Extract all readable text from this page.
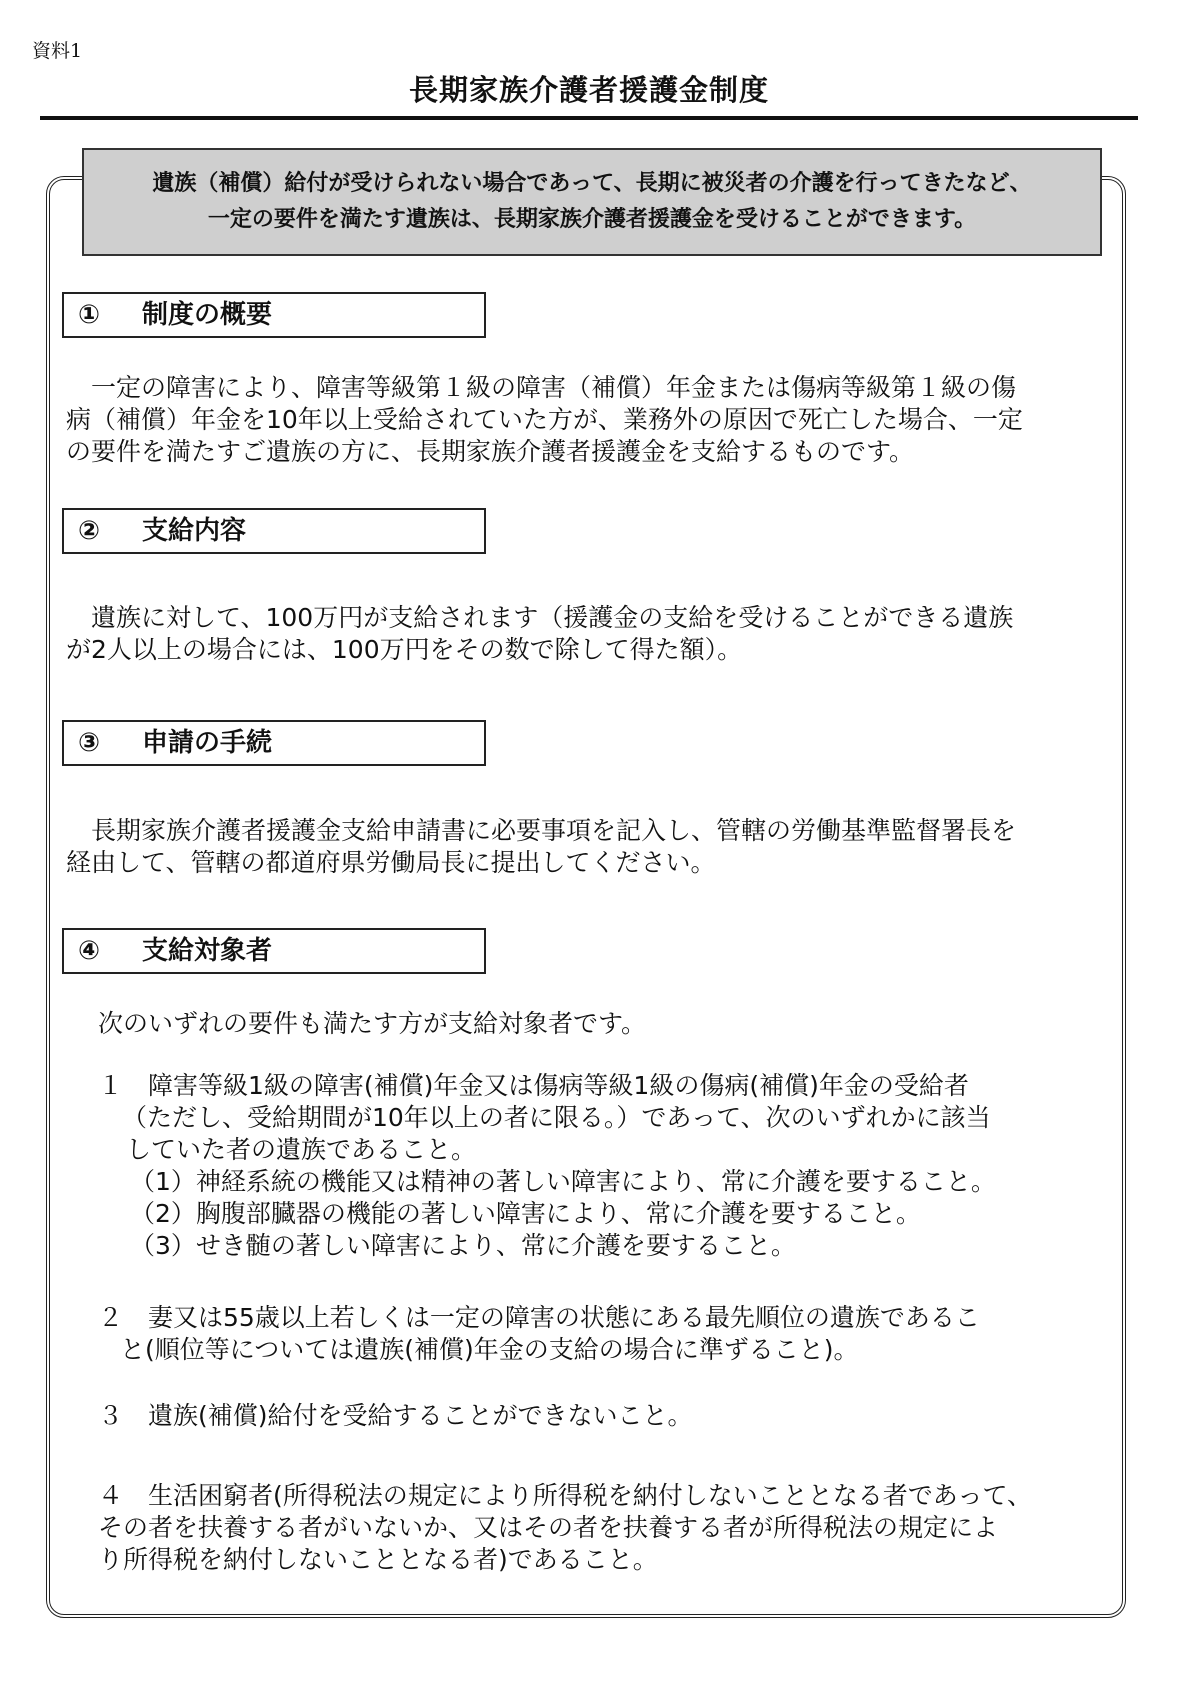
資料1
長期家族介護者援護金制度
遺族（補償）給付が受けられない場合であって、長期に被災者の介護を行ってきたなど、
一定の要件を満たす遺族は、長期家族介護者援護金を受けることができます。
① 制度の概要

　一定の障害により、障害等級第１級の障害（補償）年金または傷病等級第１級の傷

病（補償）年金を10年以上受給されていた方が、業務外の原因で死亡した場合、一定

の要件を満たすご遺族の方に、長期家族介護者援護金を支給するものです。

② 支給内容

　遺族に対して、100万円が支給されます（援護金の支給を受けることができる遺族

が2人以上の場合には、100万円をその数で除して得た額）。

③ 申請の手続

　長期家族介護者援護金支給申請書に必要事項を記入し、管轄の労働基準監督署長を

経由して、管轄の都道府県労働局長に提出してください。

④ 支給対象者

次のいずれの要件も満たす方が支給対象者です。

１　障害等級1級の障害(補償)年金又は傷病等級1級の傷病(補償)年金の受給者

（ただし、受給期間が10年以上の者に限る。）であって、次のいずれかに該当

していた者の遺族であること。

（1）神経系統の機能又は精神の著しい障害により、常に介護を要すること。

（2）胸腹部臓器の機能の著しい障害により、常に介護を要すること。

（3）せき髄の著しい障害により、常に介護を要すること。

２　妻又は55歳以上若しくは一定の障害の状態にある最先順位の遺族であるこ

と(順位等については遺族(補償)年金の支給の場合に準ずること)。

３　遺族(補償)給付を受給することができないこと。

４　生活困窮者(所得税法の規定により所得税を納付しないこととなる者であって、

その者を扶養する者がいないか、又はその者を扶養する者が所得税法の規定によ

り所得税を納付しないこととなる者)であること。
